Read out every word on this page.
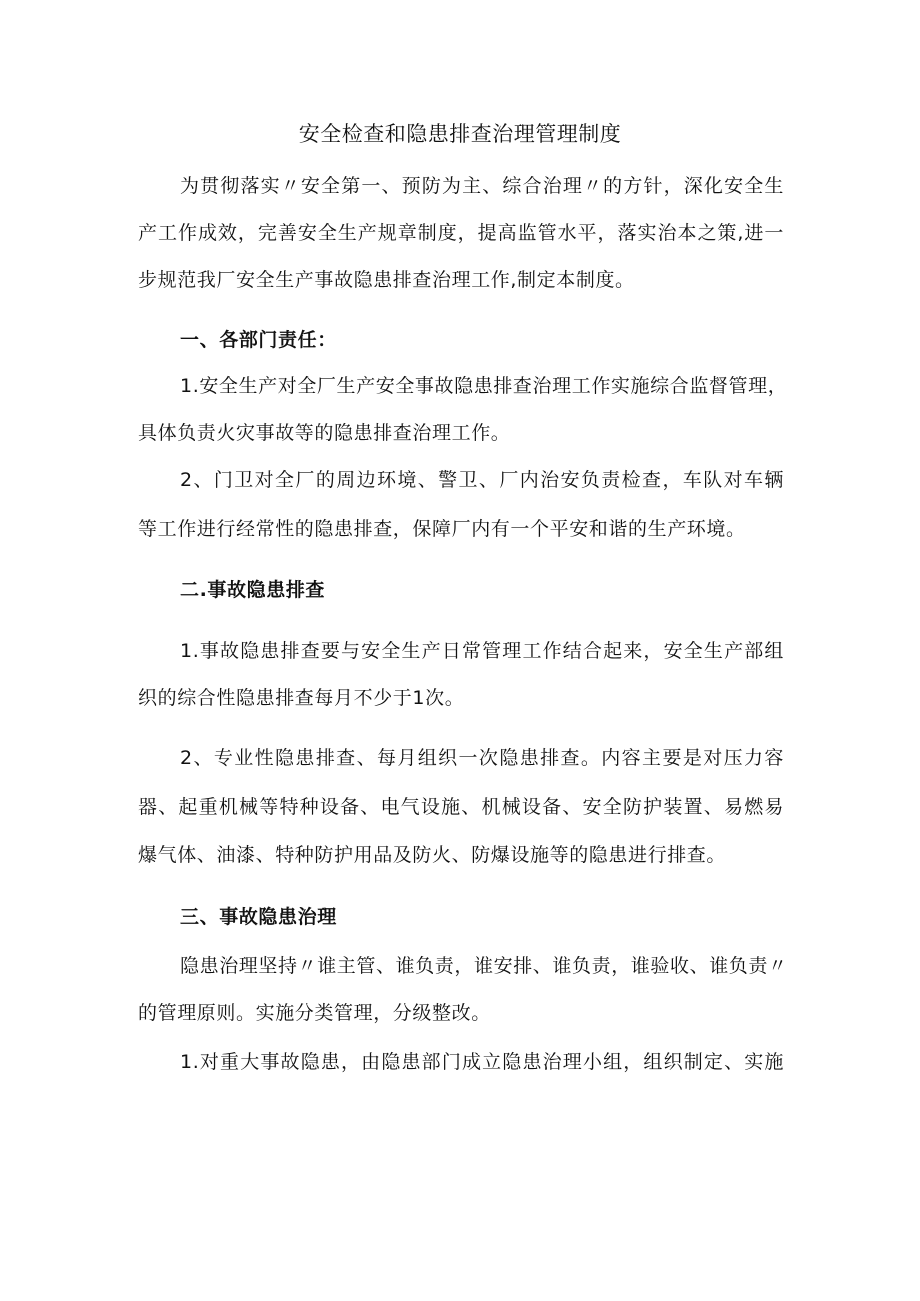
安全检查和隐患排查治理管理制度
为贯彻落实〃安全第一、预防为主、综合治理〃的方针，深化安全生
产工作成效，完善安全生产规章制度，提高监管水平，落实治本之策,进一
步规范我厂安全生产事故隐患排查治理工作,制定本制度。
一、各部门责任：
1.安全生产对全厂生产安全事故隐患排查治理工作实施综合监督管理，
具体负责火灾事故等的隐患排查治理工作。
2、门卫对全厂的周边环境、警卫、厂内治安负责检查，车队对车辆
等工作进行经常性的隐患排查，保障厂内有一个平安和谐的生产环境。
二.事故隐患排查
1.事故隐患排查要与安全生产日常管理工作结合起来，安全生产部组
织的综合性隐患排查每月不少于1次。
2、专业性隐患排查、每月组织一次隐患排查。内容主要是对压力容
器、起重机械等特种设备、电气设施、机械设备、安全防护装置、易燃易
爆气体、油漆、特种防护用品及防火、防爆设施等的隐患进行排查。
三、事故隐患治理
隐患治理坚持〃谁主管、谁负责，谁安排、谁负责，谁验收、谁负责〃
的管理原则。实施分类管理，分级整改。
1.对重大事故隐患，由隐患部门成立隐患治理小组，组织制定、实施
